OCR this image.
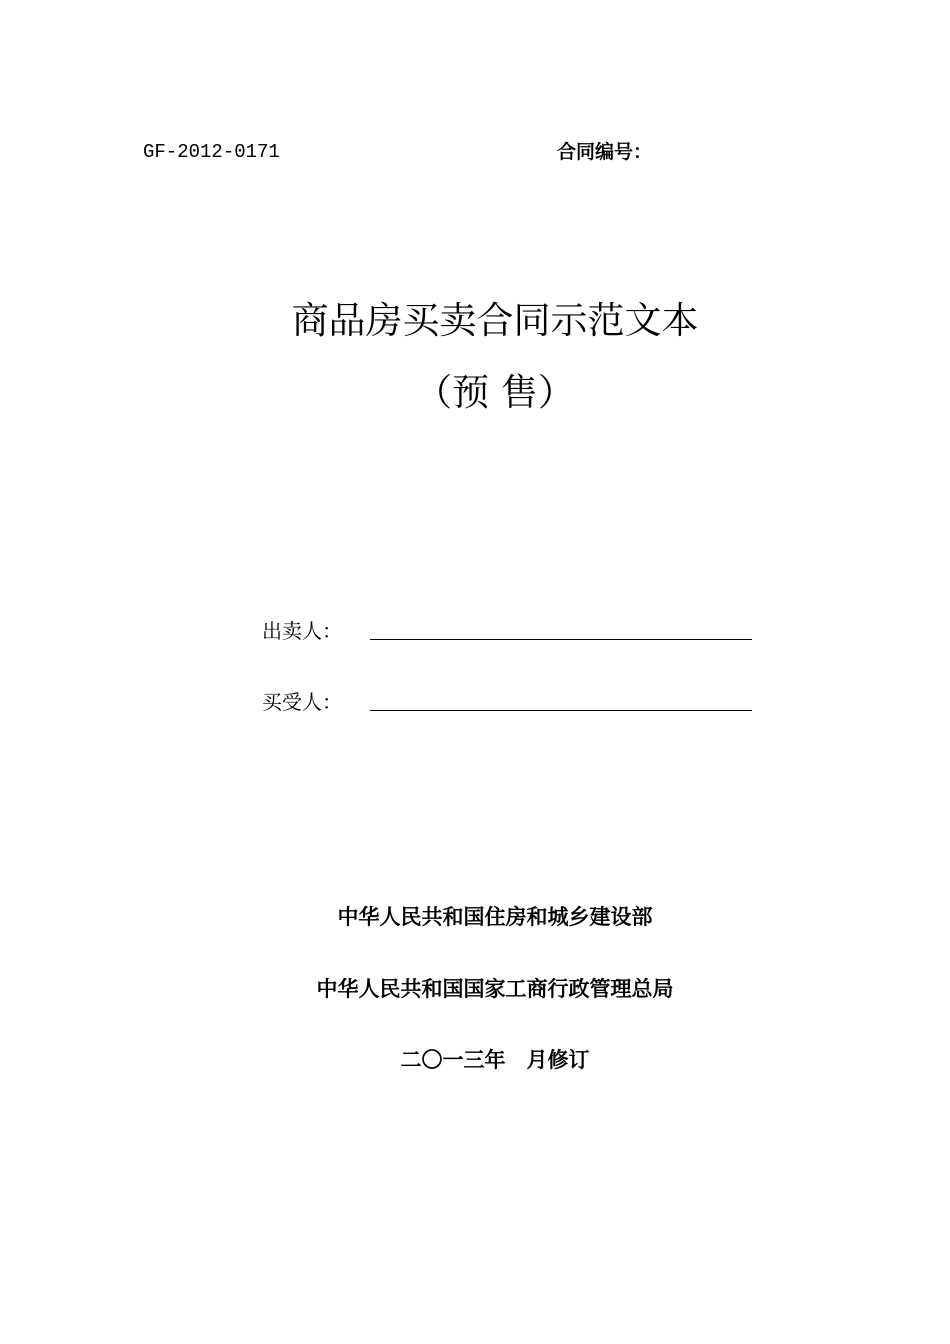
GF-2012-0171	合同编号：
商品房买卖合同示范文本
（预 售）
出卖人：
买受人：
中华人民共和国住房和城乡建设部
中华人民共和国国家工商行政管理总局
二〇一三年　月修订
